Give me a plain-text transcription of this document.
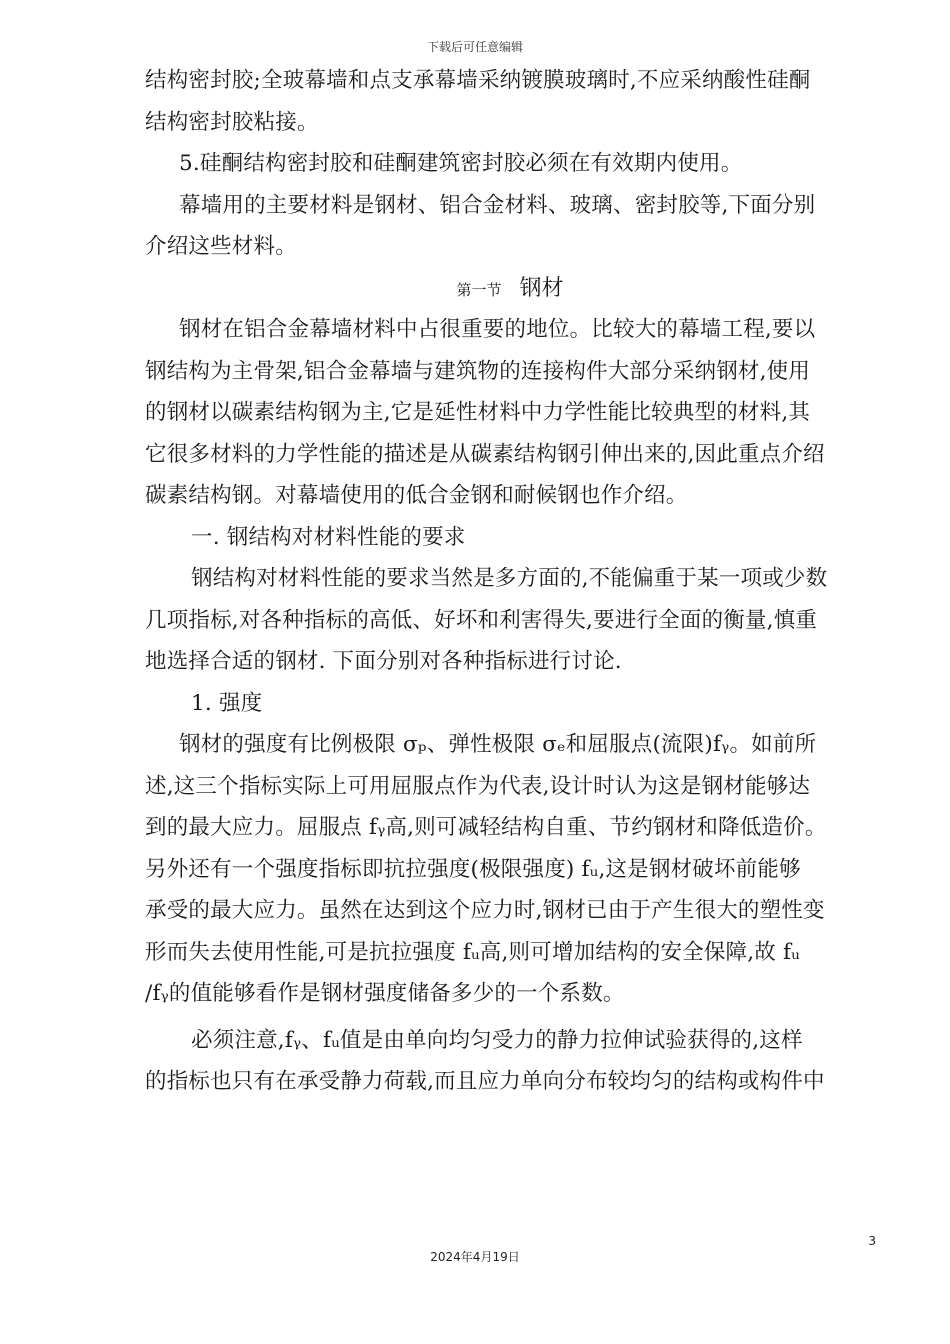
下载后可任意编辑
结构密封胶;全玻幕墙和点支承幕墙采纳镀膜玻璃时,不应采纳酸性硅酮
结构密封胶粘接。
5.硅酮结构密封胶和硅酮建筑密封胶必须在有效期内使用。
幕墙用的主要材料是钢材、铝合金材料、玻璃、密封胶等,下面分别
介绍这些材料。
第一节 钢材
钢材在铝合金幕墙材料中占很重要的地位。比较大的幕墙工程,要以
钢结构为主骨架,铝合金幕墙与建筑物的连接构件大部分采纳钢材,使用
的钢材以碳素结构钢为主,它是延性材料中力学性能比较典型的材料,其
它很多材料的力学性能的描述是从碳素结构钢引伸出来的,因此重点介绍
碳素结构钢。对幕墙使用的低合金钢和耐候钢也作介绍。
一. 钢结构对材料性能的要求
钢结构对材料性能的要求当然是多方面的,不能偏重于某一项或少数
几项指标,对各种指标的高低、好坏和利害得失,要进行全面的衡量,慎重
地选择合适的钢材. 下面分别对各种指标进行讨论.
1. 强度
钢材的强度有比例极限 σₚ、弹性极限 σₑ和屈服点(流限)fᵧ。如前所
述,这三个指标实际上可用屈服点作为代表,设计时认为这是钢材能够达
到的最大应力。屈服点 fᵧ高,则可减轻结构自重、节约钢材和降低造价。
另外还有一个强度指标即抗拉强度(极限强度) fᵤ,这是钢材破坏前能够
承受的最大应力。虽然在达到这个应力时,钢材已由于产生很大的塑性变
形而失去使用性能,可是抗拉强度 fᵤ高,则可增加结构的安全保障,故 fᵤ
/fᵧ的值能够看作是钢材强度储备多少的一个系数。
必须注意,fᵧ、fᵤ值是由单向均匀受力的静力拉伸试验获得的,这样
的指标也只有在承受静力荷载,而且应力单向分布较均匀的结构或构件中
3
2024年4月19日
